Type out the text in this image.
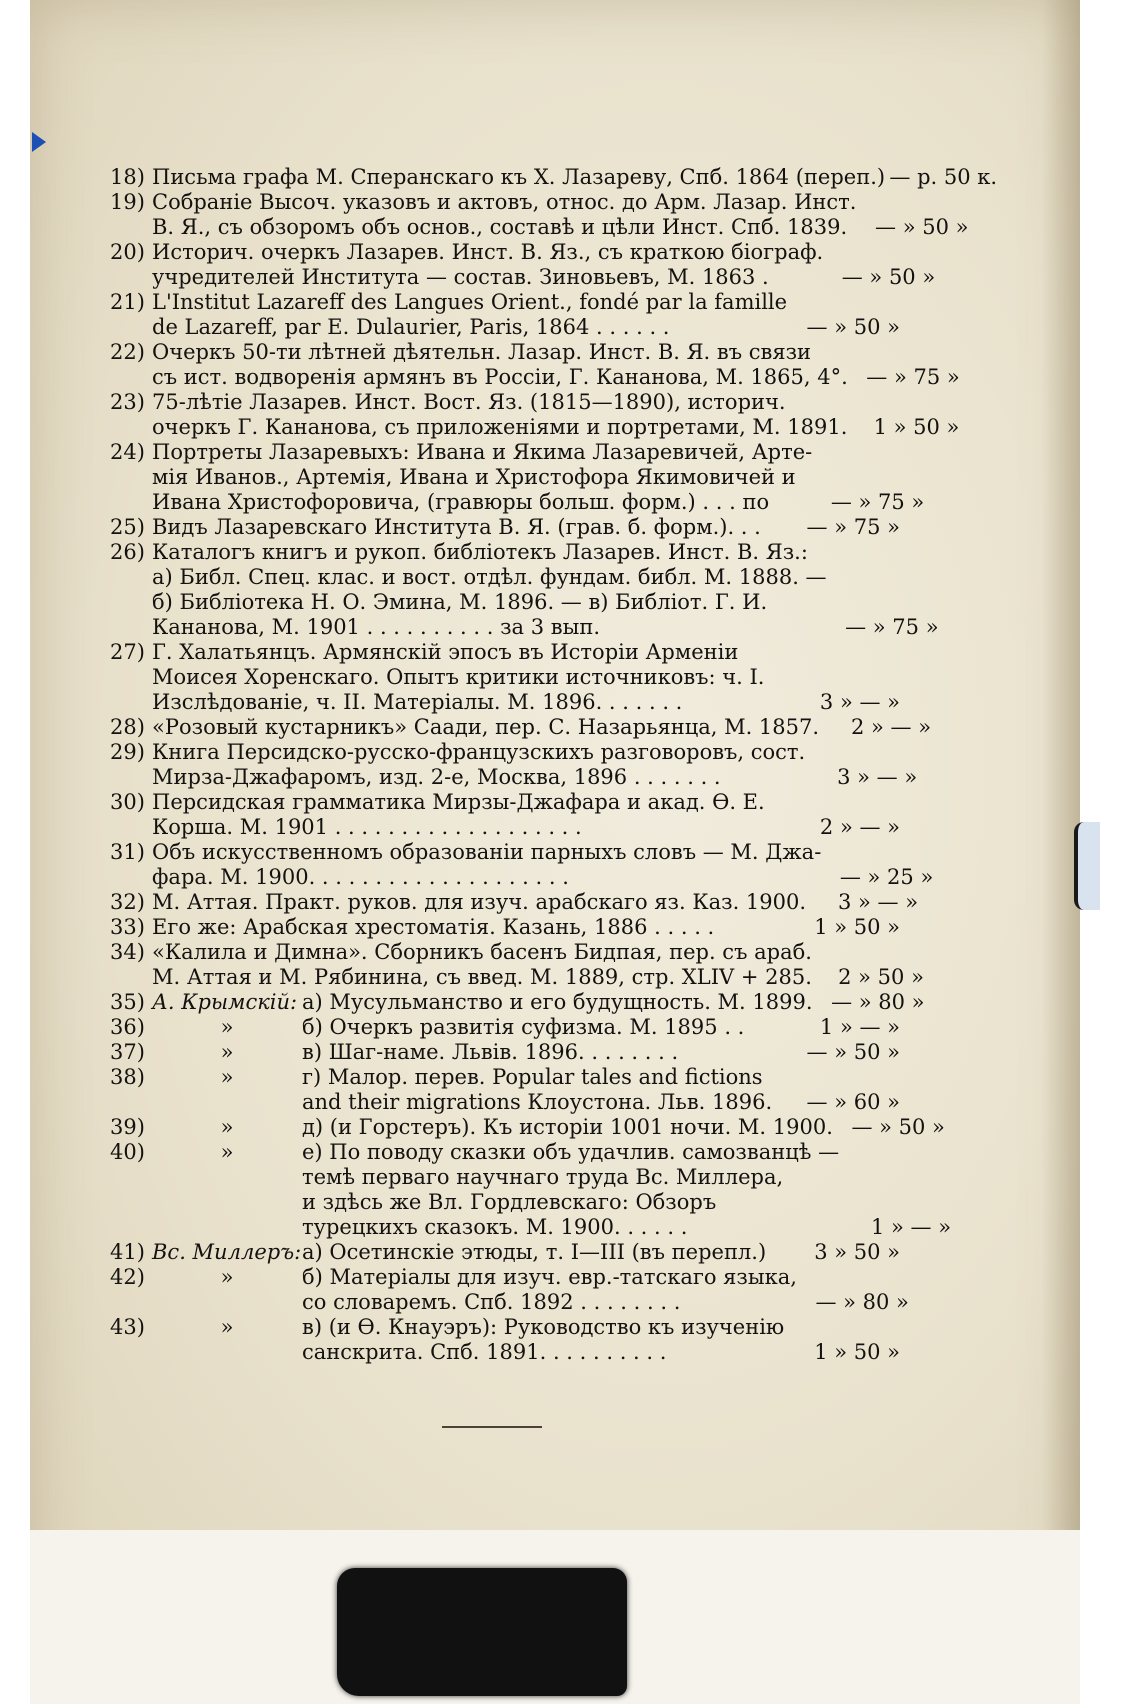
18) Письма графа М. Сперанскаго къ Х. Лазареву, Спб. 1864 (переп.) — р. 50 к.
19) Собраніе Высоч. указовъ и актовъ, относ. до Арм. Лазар. Инст.
В. Я., съ обзоромъ объ основ., составѣ и цѣли Инст. Спб. 1839.	— » 50 »
20) Историч. очеркъ Лазарев. Инст. В. Яз., съ краткою біограф.
учредителей Института — состав. Зиновьевъ, М. 1863 .	— » 50 »
21) L'Institut Lazareff des Langues Orient., fondé par la famille
de Lazareff, par E. Dulaurier, Paris, 1864 . . . . . .	— » 50 »
22) Очеркъ 50-ти лѣтней дѣятельн. Лазар. Инст. В. Я. въ связи
съ ист. водворенія армянъ въ Россіи, Г. Кананова, М. 1865, 4°. — » 75 »
23) 75-лѣтіе Лазарев. Инст. Вост. Яз. (1815—1890), историч.
очеркъ Г. Кананова, съ приложеніями и портретами, М. 1891.	1 » 50 »
24) Портреты Лазаревыхъ: Ивана и Якима Лазаревичей, Арте-
мія Иванов., Артемія, Ивана и Христофора Якимовичей и
Ивана Христофоровича, (гравюры больш. форм.) . . . по	— » 75 »
25) Видъ Лазаревскаго Института В. Я. (грав. б. форм.). . .	— » 75 »
26) Каталогъ книгъ и рукоп. библіотекъ Лазарев. Инст. В. Яз.:
а) Библ. Спец. клас. и вост. отдѣл. фундам. библ. М. 1888. —
б) Библіотека Н. О. Эмина, М. 1896. — в) Библіот. Г. И.
Кананова, М. 1901 . . . . . . . . . . за 3 вып.	— » 75 »
27) Г. Халатьянцъ. Армянскій эпосъ въ Исторіи Арменіи
Моисея Хоренскаго. Опытъ критики источниковъ: ч. I.
Изслѣдованіе, ч. II. Матеріалы. М. 1896. . . . . . .	3 » — »
28) «Розовый кустарникъ» Саади, пер. С. Назарьянца, М. 1857.	2 » — »
29) Книга Персидско-русско-французскихъ разговоровъ, сост.
Мирза-Джафаромъ, изд. 2-е, Москва, 1896 . . . . . . .	3 » — »
30) Персидская грамматика Мирзы-Джафара и акад. Ѳ. Е.
Корша. М. 1901 . . . . . . . . . . . . . . . . . . .	2 » — »
31) Объ искусственномъ образованіи парныхъ словъ — М. Джа-
фара. М. 1900. . . . . . . . . . . . . . . . . . . .	— » 25 »
32) М. Аттая. Практ. руков. для изуч. арабскаго яз. Каз. 1900.	3 » — »
33) Его же: Арабская хрестоматія. Казань, 1886 . . . . .	1 » 50 »
34) «Калила и Димна». Сборникъ басенъ Бидпая, пер. съ араб.
М. Аттая и М. Рябинина, съ введ. М. 1889, стр. XLIV + 285.	2 » 50 »
35) А. Крымскій: а) Мусульманство и его будущность. М. 1899. — » 80 »
36)	»	б) Очеркъ развитія суфизма. М. 1895 . .	1 » — »
37)	»	в) Шаг-наме. Львів. 1896. . . . . . . .	— » 50 »
38)	»	г) Малор. перев. Popular tales and fictions
and their migrations Клоустона. Льв. 1896.	— » 60 »
39)	»	д) (и Горстеръ). Къ исторіи 1001 ночи. М. 1900. — » 50 »
40)	»	е) По поводу сказки объ удачлив. самозванцѣ —
темѣ перваго научнаго труда Вс. Миллера,
и здѣсь же Вл. Гордлевскаго: Обзоръ
турецкихъ сказокъ. М. 1900. . . . . .	1 » — »
41) Вс. Миллеръ: а) Осетинскіе этюды, т. I—III (въ перепл.)	3 » 50 »
42)	»	б) Матеріалы для изуч. евр.-татскаго языка,
со словаремъ. Спб. 1892 . . . . . . . .	— » 80 »
43)	»	в) (и Ѳ. Кнауэръ): Руководство къ изученію
санскрита. Спб. 1891. . . . . . . . . .	1 » 50 »
